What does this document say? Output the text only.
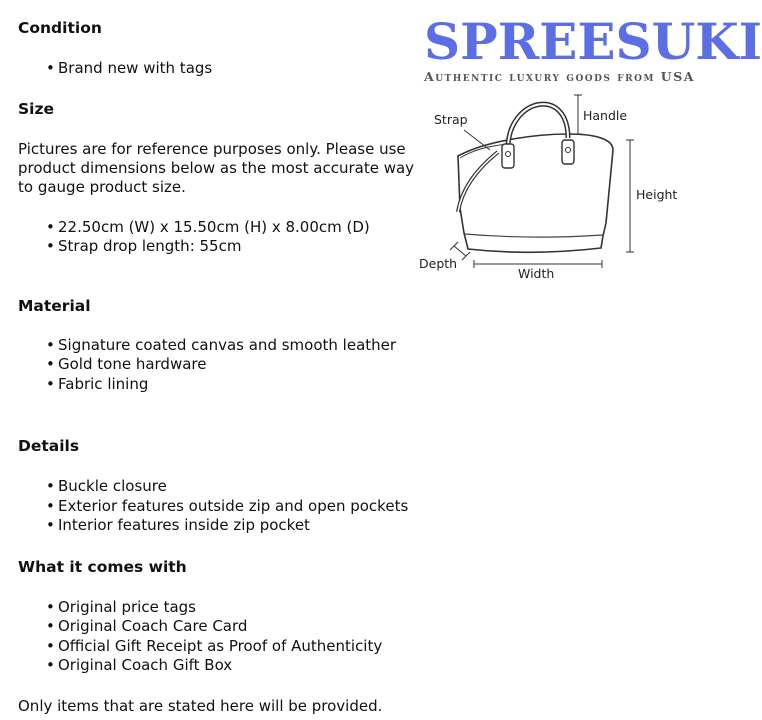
Condition

• Brand new with tags

Size

Pictures are for reference purposes only. Please use product dimensions below as the most accurate way to gauge product size.

• 22.50cm (W) x 15.50cm (H) x 8.00cm (D)
• Strap drop length: 55cm

Material

• Signature coated canvas and smooth leather
• Gold tone hardware
• Fabric lining

Details

• Buckle closure
• Exterior features outside zip and open pockets
• Interior features inside zip pocket

What it comes with

• Original price tags
• Original Coach Care Card
• Official Gift Receipt as Proof of Authenticity
• Original Coach Gift Box

Only items that are stated here will be provided.

SPREESUKI
Authentic luxury goods from USA
Strap	Handle
Height
Depth
Width
